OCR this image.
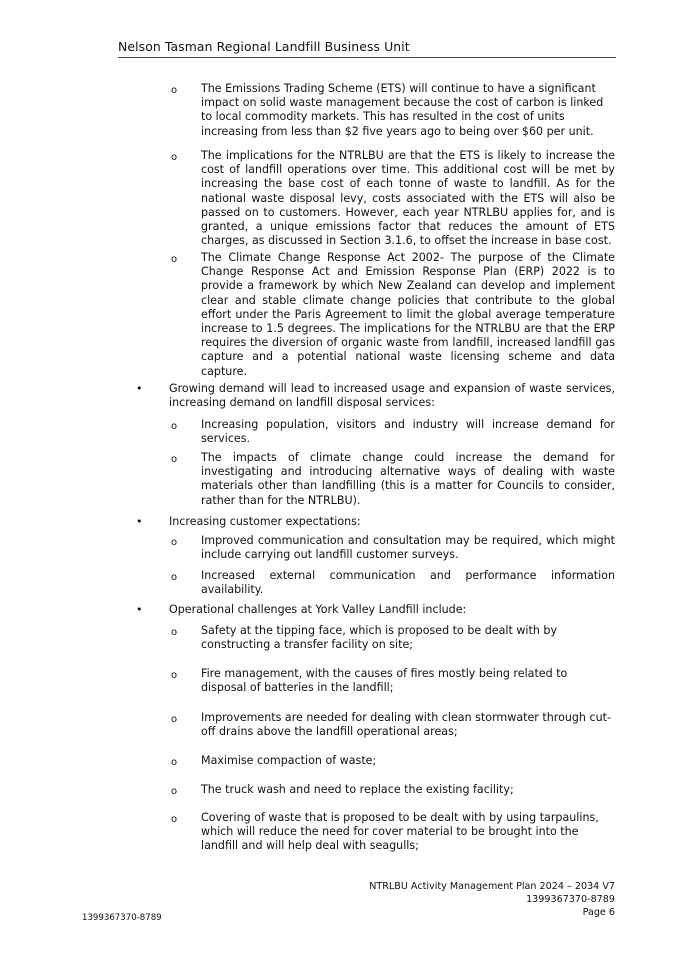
Nelson Tasman Regional Landfill Business Unit
o The Emissions Trading Scheme (ETS) will continue to have a significant impact on solid waste management because the cost of carbon is linked to local commodity markets. This has resulted in the cost of units increasing from less than $2 five years ago to being over $60 per unit.
o The implications for the NTRLBU are that the ETS is likely to increase the cost of landfill operations over time. This additional cost will be met by increasing the base cost of each tonne of waste to landfill. As for the national waste disposal levy, costs associated with the ETS will also be passed on to customers. However, each year NTRLBU applies for, and is granted, a unique emissions factor that reduces the amount of ETS charges, as discussed in Section 3.1.6, to offset the increase in base cost.
o The Climate Change Response Act 2002- The purpose of the Climate Change Response Act and Emission Response Plan (ERP) 2022 is to provide a framework by which New Zealand can develop and implement clear and stable climate change policies that contribute to the global effort under the Paris Agreement to limit the global average temperature increase to 1.5 degrees. The implications for the NTRLBU are that the ERP requires the diversion of organic waste from landfill, increased landfill gas capture and a potential national waste licensing scheme and data capture.
• Growing demand will lead to increased usage and expansion of waste services, increasing demand on landfill disposal services:
o Increasing population, visitors and industry will increase demand for services.
o The impacts of climate change could increase the demand for investigating and introducing alternative ways of dealing with waste materials other than landfilling (this is a matter for Councils to consider, rather than for the NTRLBU).
• Increasing customer expectations:
o Improved communication and consultation may be required, which might include carrying out landfill customer surveys.
o Increased external communication and performance information availability.
• Operational challenges at York Valley Landfill include:
o Safety at the tipping face, which is proposed to be dealt with by constructing a transfer facility on site;
o Fire management, with the causes of fires mostly being related to disposal of batteries in the landfill;
o Improvements are needed for dealing with clean stormwater through cut-off drains above the landfill operational areas;
o Maximise compaction of waste;
o The truck wash and need to replace the existing facility;
o Covering of waste that is proposed to be dealt with by using tarpaulins, which will reduce the need for cover material to be brought into the landfill and will help deal with seagulls;
NTRLBU Activity Management Plan 2024 – 2034 V7
1399367370-8789
Page 6
1399367370-8789
